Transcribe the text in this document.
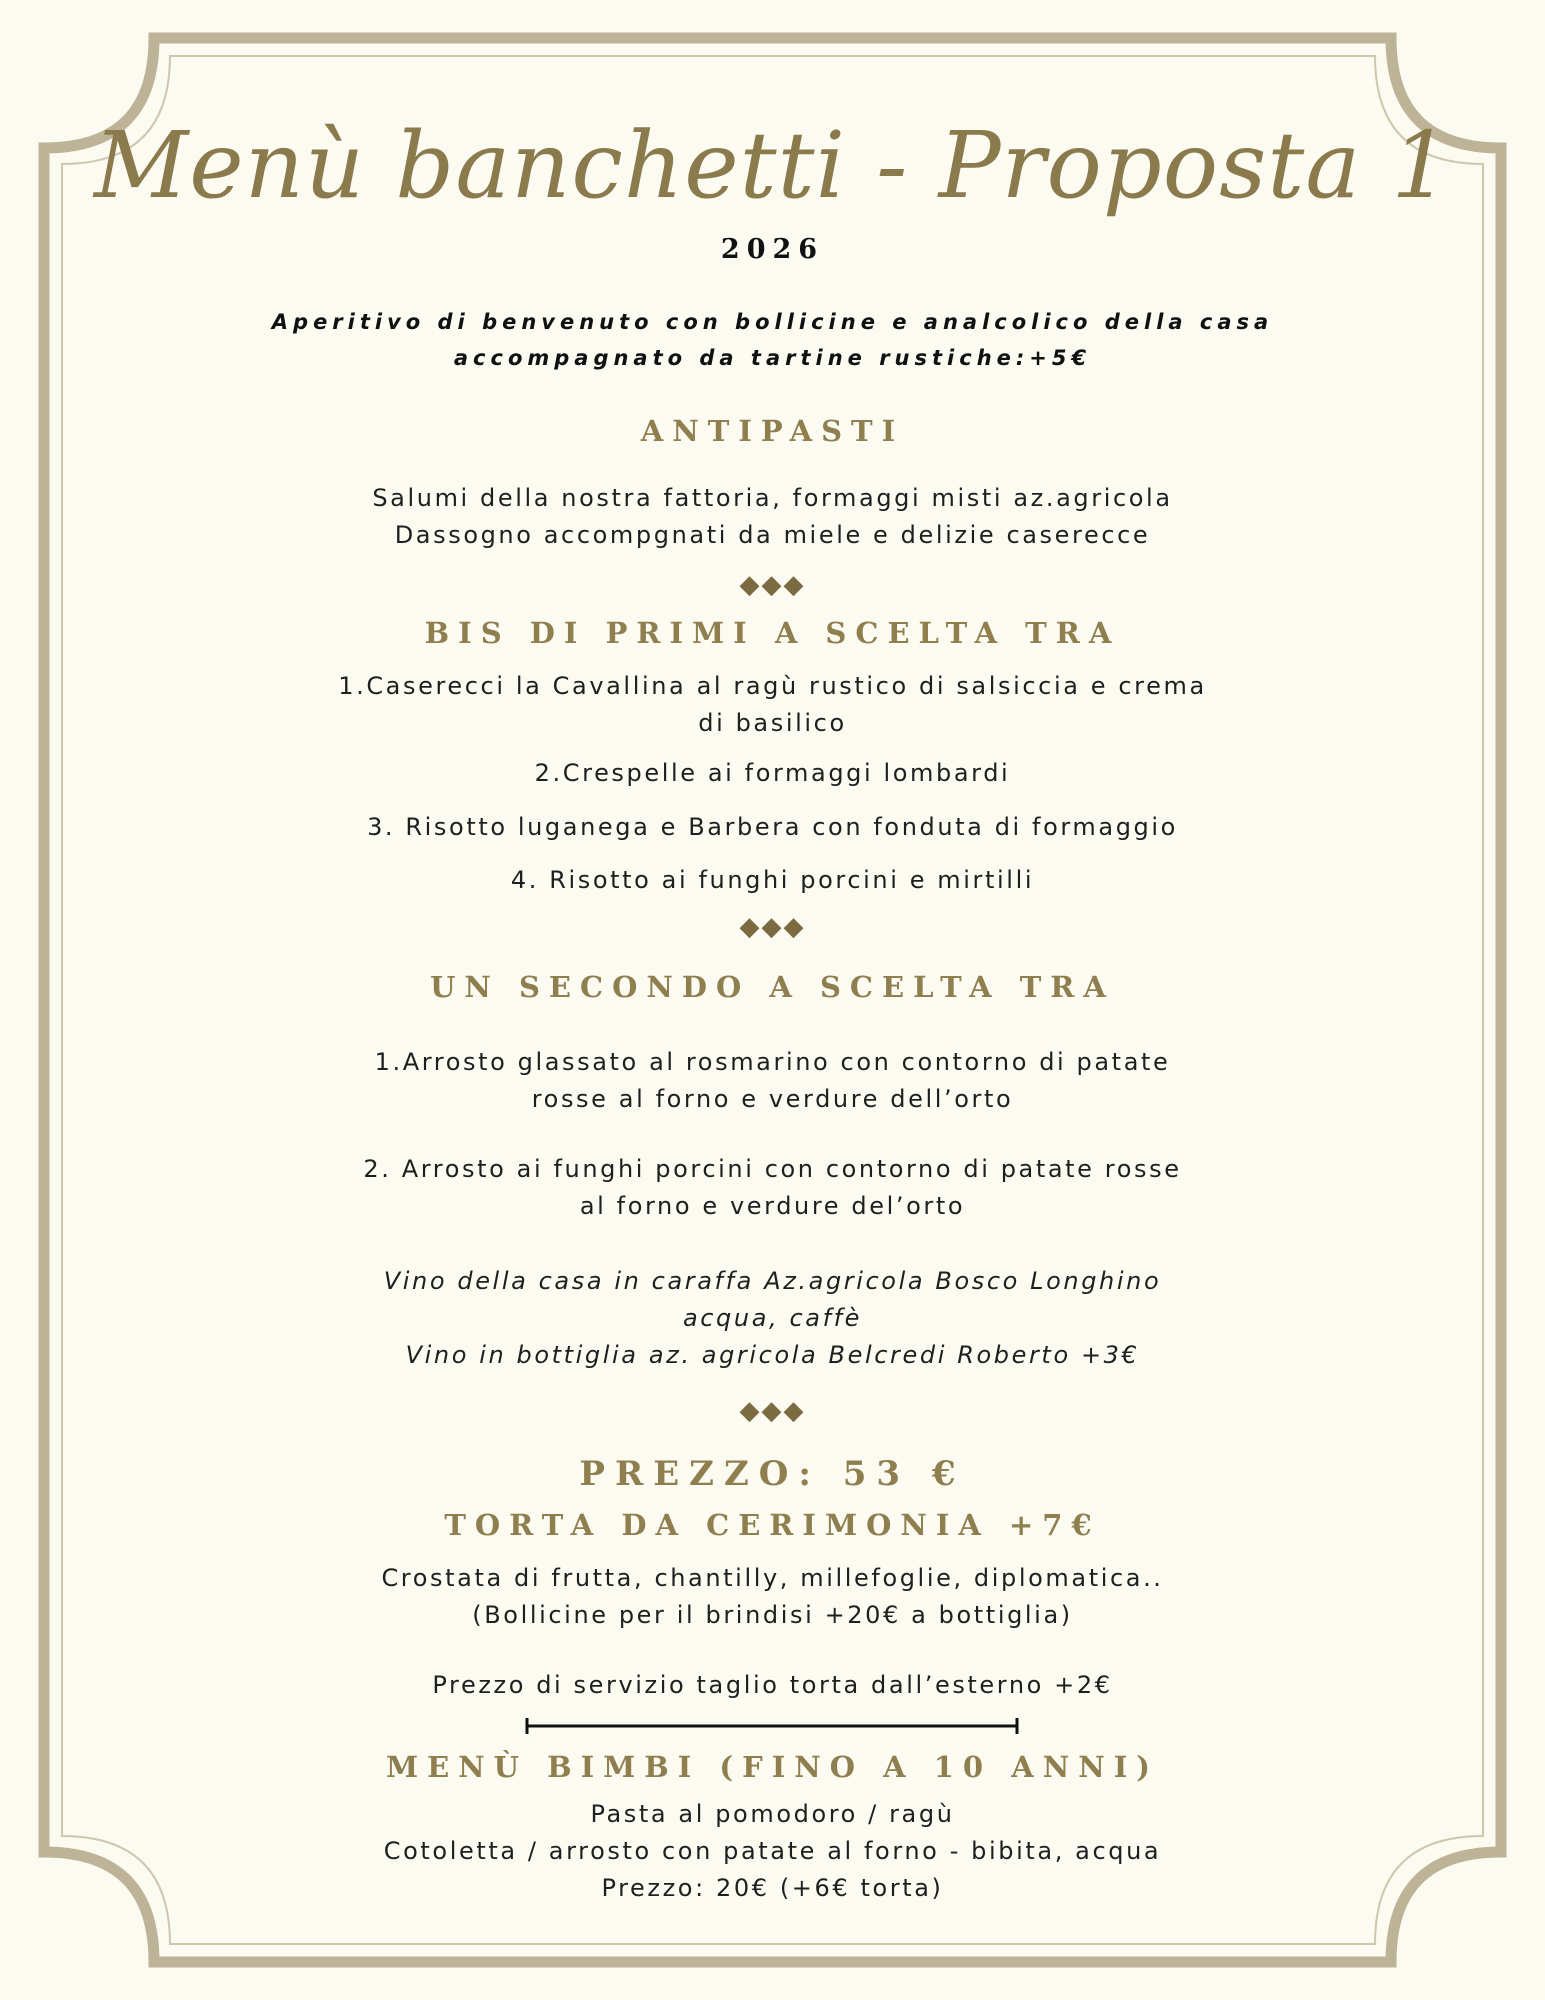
Menù banchetti - Proposta 1
2026
Aperitivo di benvenuto con bollicine e analcolico della casa
accompagnato da tartine rustiche:+5€
ANTIPASTI
Salumi della nostra fattoria, formaggi misti az.agricola
Dassogno accompgnati da miele e delizie caserecce
◆◆◆
BIS DI PRIMI A SCELTA TRA
1.Caserecci la Cavallina al ragù rustico di salsiccia e crema
di basilico
2.Crespelle ai formaggi lombardi
3. Risotto luganega e Barbera con fonduta di formaggio
4. Risotto ai funghi porcini e mirtilli
◆◆◆
UN SECONDO A SCELTA TRA
1.Arrosto glassato al rosmarino con contorno di patate
rosse al forno e verdure dell’orto
2. Arrosto ai funghi porcini con contorno di patate rosse
al forno e verdure del’orto
Vino della casa in caraffa Az.agricola Bosco Longhino
acqua, caffè
Vino in bottiglia az. agricola Belcredi Roberto +3€
◆◆◆
PREZZO: 53 €
TORTA DA CERIMONIA +7€
Crostata di frutta, chantilly, millefoglie, diplomatica..
(Bollicine per il brindisi +20€ a bottiglia)
Prezzo di servizio taglio torta dall’esterno +2€
MENÙ BIMBI (FINO A 10 ANNI)
Pasta al pomodoro / ragù
Cotoletta / arrosto con patate al forno - bibita, acqua
Prezzo: 20€ (+6€ torta)
